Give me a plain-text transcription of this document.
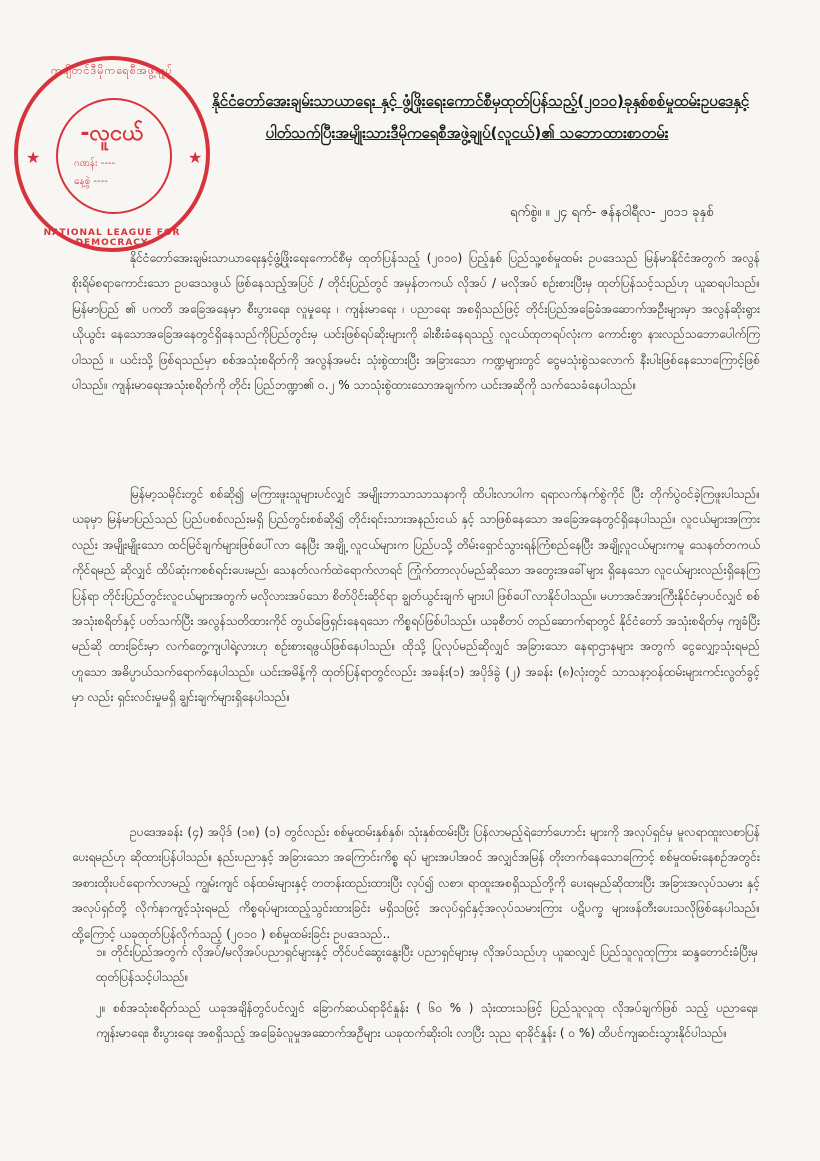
ကချိတင်ဒီမိုကရေစီအဖွဲ့ချုပ်
-လူငယ်
ဂဏန်း ----
နေ့စွဲ ----
★	★
NATIONAL LEAGUE FOR DEMOCRACY
နိုင်ငံတော်အေးချမ်းသာယာရေး နှင့် ဖွံ့ဖြိုးရေးကောင်စီမှထုတ်ပြန်သည့်(၂၀၁၀)ခုနှစ်စစ်မှုထမ်းဥပဒေနှင့်
ပါတ်သက်ပြီးအမျိုးသားဒီမိုကရေစီအဖွဲ့ချုပ်(လူငယ်)၏ သဘောထားစာတမ်း
ရက်စွဲ။ ။ ၂၄ ရက်- ဇန်နဝါရီလ- ၂၀၁၁ ခုနှစ်
နိုင်ငံတော်အေးချမ်းသာယာရေးနှင့်ဖွံ့ဖြိုးရေးကောင်စီမှ ထုတ်ပြန်သည့် (၂၀၁၀) ပြည့်နှစ် ပြည်သူ့စစ်မှုထမ်း ဥပဒေသည် မြန်မာနိုင်ငံအတွက် အလွန်စိုးရိမ်စရာကောင်းသော ဥပဒေသဖွယ် ဖြစ်နေသည့်အပြင် / တိုင်းပြည်တွင် အမှန်တကယ် လိုအပ် / မလိုအပ် စဉ်းစားပြီးမှ ထုတ်ပြန်သင့်သည်ဟု ယူဆရပါသည်။ မြန်မာပြည် ၏ ပကတိ အခြေအနေမှာ စီးပွားရေး၊ လူမှုရေး ၊ ကျန်းမာရေး ၊ ပညာရေး အစရှိသည်ဖြင့် တိုင်းပြည်အခြေခံအဆောက်အဦးများမှာ အလွန်ဆိုးရွား ယိုယွင်း နေသောအခြေအနေတွင်ရှိနေသည်ကိုပြည်တွင်းမှ ယင်းဖြစ်ရပ်ဆိုးများကို ခါးစီးခံနေရသည့် လူငယ်ထုတရပ်လုံးက ကောင်းစွာ နားလည်သဘောပေါက်ကြပါသည် ။ ယင်းသို့ ဖြစ်ရသည်မှာ စစ်အသုံးစရိတ်ကို အလွန်အမင်း သုံးစွဲထားပြီး အခြားသော ကဏ္ဍများတွင် ငွေမသုံးစွဲသလောက် နီးပါးဖြစ်နေသောကြောင့်ဖြစ်ပါသည်။ ကျန်းမာရေးအသုံးစရိတ်ကို တိုင်း ပြည်ဘဏ္ဍာ၏ ၀.၂ % သာသုံးစွဲထားသောအချက်က ယင်းအဆိုကို သက်သေခံနေပါသည်။
မြန်မာ့သမိုင်းတွင် စစ်ဆို၍ မကြားဖူးသူများပင်လျှင် အမျိုးဘာသာသာသနာကို ထိပါးလာပါက ရရာလက်နက်စွဲကိုင် ပြီး တိုက်ပွဲဝင်ခဲ့ကြဖူးပါသည်။ ယခုမှာ မြန်မာပြည်သည် ပြည်ပစစ်လည်းမရှိ ပြည်တွင်းစစ်ဆို၍ တိုင်းရင်းသားအနည်းငယ် နှင့် သာဖြစ်နေသော အခြေအနေတွင်ရှိနေပါသည်။ လူငယ်များအကြားလည်း အမျိုးမျိုးသော ထင်မြင်ချက်များဖြစ်ပေါ်လာ နေပြီး အချို့ လူငယ်များက ပြည်ပသို့ တိမ်းရှောင်သွားရန်ကြံစည်နေပြီး အချို့လူငယ်များကမူ သေနတ်တကယ်ကိုင်ရမည် ဆိုလျှင် ထိပ်ဆုံးကစစ်ရင်းပေးမည်၊ သေနတ်လက်ထဲရောက်လာရင် ကြုံက်တာလုပ်မည်ဆိုသော အတွေးအခေါ်များ ရှိနေသော လူငယ်များလည်းရှိနေကြပြန်ရာ တိုင်းပြည်တွင်းလူငယ်များအတွက် မလိုလားအပ်သော စိတ်ပိုင်းဆိုင်ရာ ချွတ်ယွင်းချက် များပါ ဖြစ်ပေါ်လာနိုင်ပါသည်။ မဟာအင်အားကြီးနိုင်ငံမှာပင်လျှင် စစ်အသုံးစရိတ်နှင့် ပတ်သက်ပြီး အလွန်သတိထားကိုင် တွယ်ဖြေရှင်းနေရသော ကိစ္စရပ်ဖြစ်ပါသည်။ ယခုစီတပ် တည်ဆောက်ရာတွင် နိုင်ငံတော် အသုံးစရိတ်မှ ကျခံပြီးမည်ဆို ထားခြင်းမှာ လက်တွေ့ကျပါရဲ့လားဟု စဉ်းစားရဖွယ်ဖြစ်နေပါသည်။ ထိုသို့ ပြုလုပ်မည်ဆိုလျှင် အခြားသော နေရာဌာနများ အတွက် ငွေလျှော့သုံးရမည်ဟူသော အဓိပ္ပာယ်သက်ရောက်နေပါသည်။ ယင်းအမိန့်ကို ထုတ်ပြန်ရာတွင်လည်း အခန်း(၁) အပိုဒ်ခွဲ (၂) အခန်း (၈)လုံးတွင် သာသနာ့ဝန်ထမ်းများကင်းလွတ်ခွင့်မှာ လည်း ရှင်းလင်းမှုမရှိ ချွင်းချက်များရှိနေပါသည်။
ဥပဒေအခန်း (၄) အပိုဒ် (၁၈) (၁) တွင်လည်း စစ်မှုထမ်းနှစ်နှစ်၊ သုံးနှစ်ထမ်းပြီး ပြန်လာမည့်ရဲဘော်ဟောင်း များကို အလုပ်ရှင်မှ မူလရာထူးလစာပြန်ပေးရမည်ဟု ဆိုထားပြန်ပါသည်။ နည်းပညာနှင့် အခြားသော အကြောင်းကိစ္စ ရပ် များအပါအဝင် အလျှင်အမြန် တိုးတက်နေသောကြောင့် စစ်မှုထမ်းနေစဉ်အတွင်း အစားထိုးပင်ရောက်လာမည့် ကျွမ်းကျင် ဝန်ထမ်းများနှင့် တတန်းထည်းထားပြီး လုပ်၍ လစာ၊ ရာထူးအစရှိသည်တို့ကို ပေးရမည်ဆိုထားပြီး အခြားအလုပ်သမား နှင့် အလုပ်ရှင်တို့ လိုက်နာကျင့်သုံးရမည် ကိစ္စရပ်များထည့်သွင်းထားခြင်း မရှိသဖြင့် အလုပ်ရှင်နှင့်အလုပ်သမားကြား ပဋိပက္ခ များဖန်တီးပေးသလိုဖြစ်နေပါသည်။ ထို့ကြောင့် ယခုထုတ်ပြန်လိုက်သည့် (၂၀၁၀ ) စစ်မှုထမ်းခြင်း ဥပဒေသည်..
၁။ တိုင်းပြည်အတွက် လိုအပ်/မလိုအပ်ပညာရှင်များနှင့် တိုင်ပင်ဆွေးနွေးပြီး ပညာရှင်များမှ လိုအပ်သည်ဟု ယူဆလျှင် ပြည်သူလူထုကြား ဆန္ဒတောင်းခံပြီးမှ ထုတ်ပြန်သင့်ပါသည်။
၂။ စစ်အသုံးစရိတ်သည် ယခုအချိန်တွင်ပင်လျှင် ခြောက်ဆယ်ရာခိုင်နှုန်း ( ၆၀ % ) သုံးထားသဖြင့် ပြည်သူလူထု လိုအပ်ချက်ဖြစ် သည့် ပညာရေး၊ ကျန်းမာရေး၊ စီးပွားရေး အစရှိသည့် အခြေခံလူမှုအဆောက်အဦများ ယခုထက်ဆိုးဝါး လာပြီး သုည ရာခိုင်နှုန်း ( ၀ %) ထိပင်ကျဆင်းသွားနိုင်ပါသည်။
